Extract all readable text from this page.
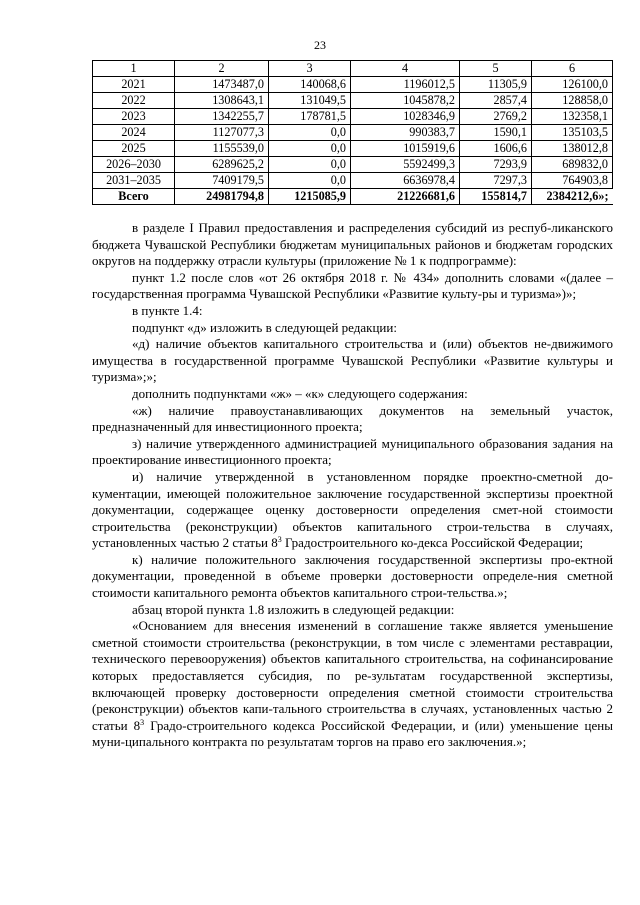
23
1	2	3	4	5	6
2021	1473487,0	140068,6	1196012,5	11305,9	126100,0
2022	1308643,1	131049,5	1045878,2	2857,4	128858,0
2023	1342255,7	178781,5	1028346,9	2769,2	132358,1
2024	1127077,3	0,0	990383,7	1590,1	135103,5
2025	1155539,0	0,0	1015919,6	1606,6	138012,8
2026–2030	6289625,2	0,0	5592499,3	7293,9	689832,0
2031–2035	7409179,5	0,0	6636978,4	7297,3	764903,8
Всего	24981794,8	1215085,9	21226681,6	155814,7	2384212,6»;

в разделе I Правил предоставления и распределения субсидий из респуб-ликанского бюджета Чувашской Республики бюджетам муниципальных районов и бюджетам городских округов на поддержку отрасли культуры (приложение № 1 к подпрограмме):

пункт 1.2 после слов «от 26 октября 2018 г. № 434» дополнить словами «(далее – государственная программа Чувашской Республики «Развитие культу-ры и туризма»)»;

в пункте 1.4:

подпункт «д» изложить в следующей редакции:

«д) наличие объектов капитального строительства и (или) объектов не-движимого имущества в государственной программе Чувашской Республики «Развитие культуры и туризма»;»;

дополнить подпунктами «ж» – «к» следующего содержания:

«ж) наличие правоустанавливающих документов на земельный участок, предназначенный для инвестиционного проекта;

з) наличие утвержденного администрацией муниципального образования задания на проектирование инвестиционного проекта;

и) наличие утвержденной в установленном порядке проектно-сметной до-кументации, имеющей положительное заключение государственной экспертизы проектной документации, содержащее оценку достоверности определения смет-ной стоимости строительства (реконструкции) объектов капитального строи-тельства в случаях, установленных частью 2 статьи $8^3$ Градостроительного ко-декса Российской Федерации;

к) наличие положительного заключения государственной экспертизы про-ектной документации, проведенной в объеме проверки достоверности определе-ния сметной стоимости капитального ремонта объектов капитального строи-тельства.»;

абзац второй пункта 1.8 изложить в следующей редакции:

«Основанием для внесения изменений в соглашение также является уменьшение сметной стоимости строительства (реконструкции, в том числе с элементами реставрации, технического перевооружения) объектов капитального строительства, на софинансирование которых предоставляется субсидия, по ре-зультатам государственной экспертизы, включающей проверку достоверности определения сметной стоимости строительства (реконструкции) объектов капи-тального строительства в случаях, установленных частью 2 статьи $8^3$ Градо-строительного кодекса Российской Федерации, и (или) уменьшение цены муни-ципального контракта по результатам торгов на право его заключения.»;
